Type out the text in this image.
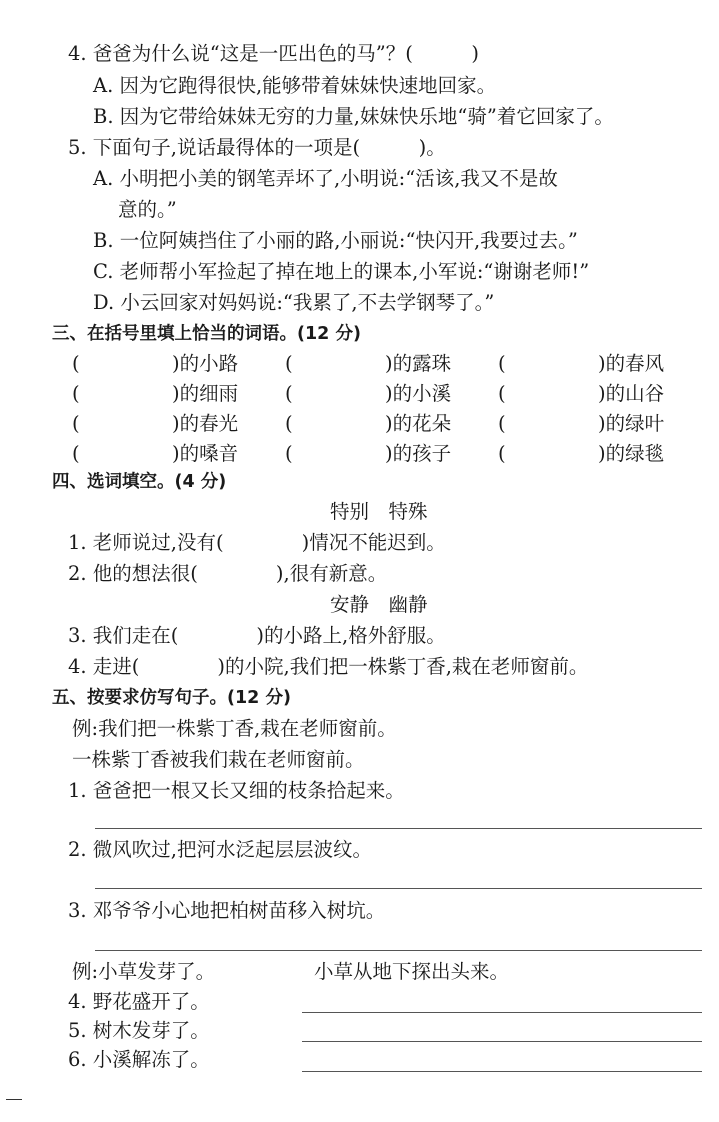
4. 爸爸为什么说“这是一匹出色的马”？(　　　)
A. 因为它跑得很快,能够带着妹妹快速地回家。
B. 因为它带给妹妹无穷的力量,妹妹快乐地“骑”着它回家了。
5. 下面句子,说话最得体的一项是(　　　)。
A. 小明把小美的钢笔弄坏了,小明说:“活该,我又不是故
意的。”
B. 一位阿姨挡住了小丽的路,小丽说:“快闪开,我要过去。”
C. 老师帮小军捡起了掉在地上的课本,小军说:“谢谢老师!”
D. 小云回家对妈妈说:“我累了,不去学钢琴了。”
三、在括号里填上恰当的词语。(12 分)
(	)的小路 (	)的露珠 (	)的春风
(	)的细雨 (	)的小溪 (	)的山谷
(	)的春光 (	)的花朵 (	)的绿叶
(	)的嗓音 (	)的孩子 (	)的绿毯
四、选词填空。(4 分)
特别　特殊
1. 老师说过,没有(　　　　)情况不能迟到。
2. 他的想法很(　　　　),很有新意。
安静　幽静
3. 我们走在(　　　　)的小路上,格外舒服。
4. 走进(　　　　)的小院,我们把一株紫丁香,栽在老师窗前。
五、按要求仿写句子。(12 分)
例:我们把一株紫丁香,栽在老师窗前。
一株紫丁香被我们栽在老师窗前。
1. 爸爸把一根又长又细的枝条拾起来。
2. 微风吹过,把河水泛起层层波纹。
3. 邓爷爷小心地把柏树苗移入树坑。
例:小草发芽了。	小草从地下探出头来。
4. 野花盛开了。
5. 树木发芽了。
6. 小溪解冻了。
